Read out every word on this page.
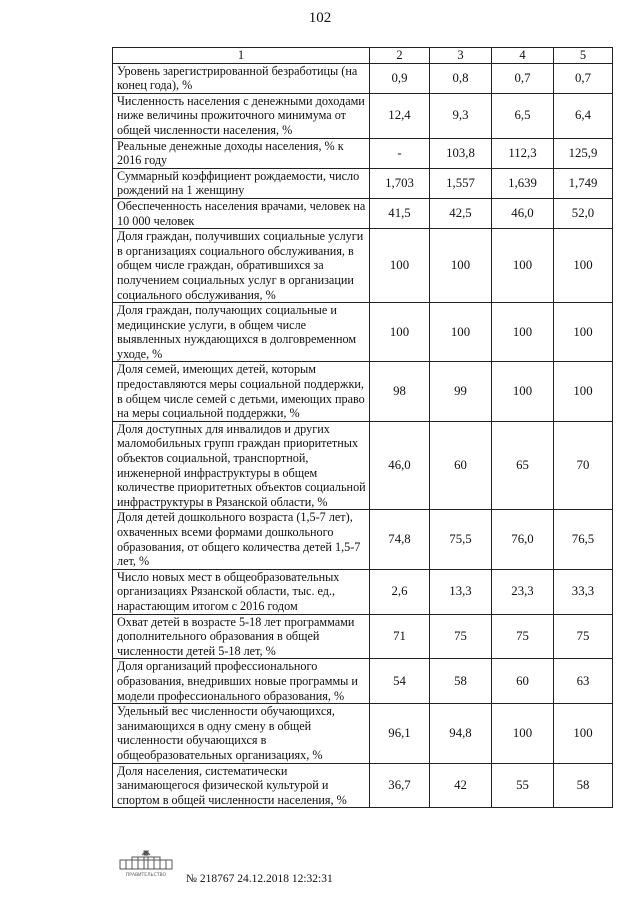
102
1	2	3	4	5
Уровень зарегистрированной безработицы (на конец года), %	0,9	0,8	0,7	0,7
Численность населения с денежными доходами ниже величины прожиточного минимума от общей численности населения, %	12,4	9,3	6,5	6,4
Реальные денежные доходы населения, % к 2016 году	-	103,8	112,3	125,9
Суммарный коэффициент рождаемости, число рождений на 1 женщину	1,703	1,557	1,639	1,749
Обеспеченность населения врачами, человек на 10 000 человек	41,5	42,5	46,0	52,0
Доля граждан, получивших социальные услуги в организациях социального обслуживания, в общем числе граждан, обратившихся за получением социальных услуг в организации социального обслуживания, %	100	100	100	100
Доля граждан, получающих социальные и медицинские услуги, в общем числе выявленных нуждающихся в долговременном уходе, %	100	100	100	100
Доля семей, имеющих детей, которым предоставляются меры социальной поддержки, в общем числе семей с детьми, имеющих право на меры социальной поддержки, %	98	99	100	100
Доля доступных для инвалидов и других маломобильных групп граждан приоритетных объектов социальной, транспортной, инженерной инфраструктуры в общем количестве приоритетных объектов социальной инфраструктуры в Рязанской области, %	46,0	60	65	70
Доля детей дошкольного возраста (1,5-7 лет), охваченных всеми формами дошкольного образования, от общего количества детей 1,5-7 лет, %	74,8	75,5	76,0	76,5
Число новых мест в общеобразовательных организациях Рязанской области, тыс. ед., нарастающим итогом с 2016 годом	2,6	13,3	23,3	33,3
Охват детей в возрасте 5-18 лет программами дополнительного образования в общей численности детей 5-18 лет, %	71	75	75	75
Доля организаций профессионального образования, внедривших новые программы и модели профессионального образования, %	54	58	60	63
Удельный вес численности обучающихся, занимающихся в одну смену в общей численности обучающихся в общеобразовательных организациях, %	96,1	94,8	100	100
Доля населения, систематически занимающегося физической культурой и спортом в общей численности населения, %	36,7	42	55	58
ПРАВИТЕЛЬСТВО № 218767 24.12.2018 12:32:31
